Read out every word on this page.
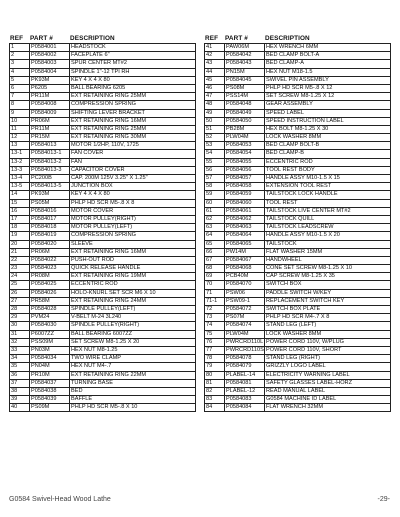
REF	PART #	DESCRIPTION
1	P0584001	HEADSTOCK
2	P0584002	FACEPLATE 6"
3	P0584003	SPUR CENTER MT#2
4	P0584004	SPINDLE 1"-12 TPI RH
5	PK93M	KEY 4 X 4 X 80
6	P6205	BALL BEARING 6205
7	PR11M	EXT RETAINING RING 25MM
8	P0584008	COMPRESSION SPRING
9	P0584009	SHIFTING LEVER BRACKET
10	PR06M	EXT RETAINING RING 16MM
11	PR11M	EXT RETAINING RING 25MM
12	PR15M	EXT RETAINING RING 30MM
13	P0584013	MOTOR 1/2HP, 110V, 1725
13-1	P0584013-1	FAN COVER
13-2	P0584013-2	FAN
13-3	P0584013-3	CAPACITOR COVER
13-4	PC200B	CAP. 200M 125V 3.25" X 1.25"
13-5	P0584013-5	JUNCTION BOX
14	PK93M	KEY 4 X 4 X 80
15	PS05M	PHLP HD SCR M5-.8 X 8
16	P0584016	MOTOR COVER
17	P0584017	MOTOR PULLEY(RIGHT)
18	P0584018	MOTOR PULLEY(LEFT)
19	P0584019	COMPRESSION SPRING
20	P0584020	SLEEVE
21	PR06M	EXT RETAINING RING 16MM
22	P0584022	PUSH-OUT ROD
23	P0584023	QUICK RELEASE HANDLE
24	PR08M	EXT RETAINING RING 19MM
25	P0584025	ECCENTRIC ROD
26	P0584026	HOLO-KNURL SET SCR M6 X 10
27	PR58M	EXT RETAINING RING 24MM
28	P0584028	SPINDLE PULLEY(LEFT)
29	PVM24	V-BELT M-24 3L240
30	P0584030	SPINDLE PULLEY(RIGHT)
31	P6007ZZ	BALL BEARING 6007ZZ
32	PSS09M	SET SCREW M8-1.25 X 20
33	PN03M	HEX NUT M8-1.25
34	P0584034	TWO WIRE CLAMP
35	PN04M	HEX NUT M4-.7
36	PR10M	EXT RETAINING RING 22MM
37	P0584037	TURNING BASE
38	P0584038	BED
39	P0584039	BAFFLE
40	PS09M	PHLP HD SCR M5-.8 X 10
REF	PART #	DESCRIPTION
41	PAW06M	HEX WRENCH 6MM
42	P0584042	BED CLAMP BOLT-A
43	P0584043	BED CLAMP-A
44	PN15M	HEX NUT M18-1.5
45	P0584045	SWIVEL PIN ASSEMBLY
46	PS08M	PHLP HD SCR M5-.8 X 12
47	PSS14M	SET SCREW M8-1.25 X 12
48	P0584048	GEAR ASSEMBLY
49	P0584049	SPEED LABEL
50	P0584050	SPEED INSTRUCTION LABEL
51	PB28M	HEX BOLT M8-1.25 X 30
52	PLW04M	LOCK WASHER 8MM
53	P0584053	BED CLAMP BOLT-B
54	P0584054	BED CLAMP-B
55	P0584055	ECCENTRIC ROD
56	P0584056	TOOL REST BODY
57	P0584057	HANDLE ASSY M10-1.5 X 15
58	P0584058	EXTENSION TOOL REST
59	P0584059	TAILSTOCK LOCK HANDLE
60	P0584060	TOOL REST
61	P0584061	TAILSTOCK LIVE CENTER MT#2
62	P0584062	TAILSTOCK QUILL
63	P0584063	TAILSTOCK LEADSCREW
64	P0584064	HANDLE ASSY M10-1.5 X 20
65	P0584065	TAILSTOCK
66	PW14M	FLAT WASHER 15MM
67	P0584067	HANDWHEEL
68	P0584068	CONE SET SCREW M8-1.25 X 10
69	PCB40M	CAP SCREW M8-1.25 X 35
70	P0584070	SWITCH BOX
71	PSW06	PADDLE SWITCH W/KEY
71-1	PSW09-1	REPLACEMENT SWITCH KEY
72	P0584072	SWITCH BOX PLATE
73	PS07M	PHLP HD SCR M4-.7 X 8
74	P0584074	STAND LEG (LEFT)
75	PLW04M	LOCK WASHER 8MM
76	PWRCRD110L POWER CORD 110V, W/PLUG
77	PWRCRD110S POWER CORD 110V, SHORT
78	P0584078	STAND LEG (RIGHT)
79	P0584079	GRIZZLY LOGO LABEL
80	PLABEL-14	ELECTRICITY WARNING LABEL
81	P0584081	SAFETY GLASSES LABEL-HORZ
82	PLABEL-12	READ MANUAL LABEL
83	P0584083	G0584 MACHINE ID LABEL
84	P0584084	FLAT WRENCH 32MM
G0584 Swivel-Head Wood Lathe	-29-
